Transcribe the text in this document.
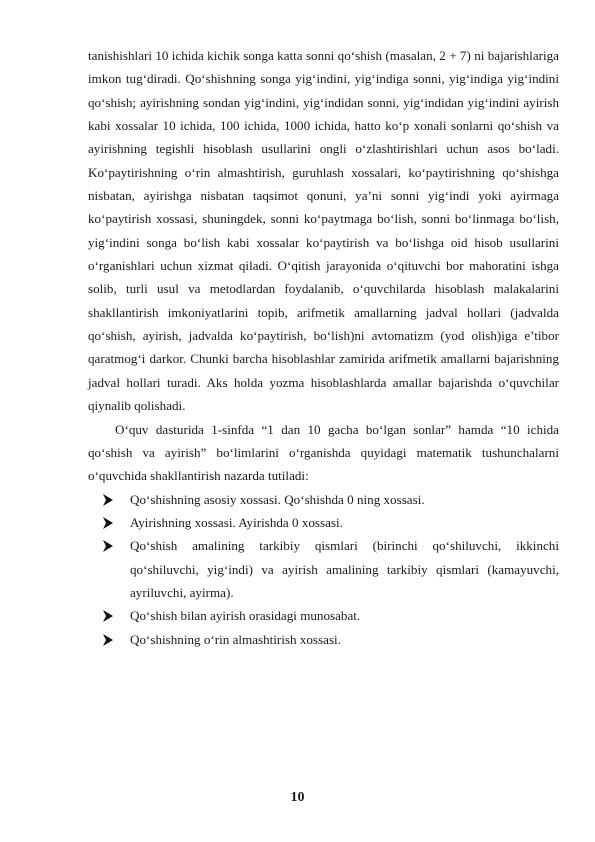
tanishishlari 10 ichida kichik songa katta sonni qo‘shish (masalan, 2 + 7) ni bajarishlariga imkon tug‘diradi. Qo‘shishning songa yig‘indini, yig‘indiga sonni, yig‘indiga yig‘indini qo‘shish; ayirishning sondan yig‘indini, yig‘indidan sonni, yig‘indidan yig‘indini ayirish kabi xossalar 10 ichida, 100 ichida, 1000 ichida, hatto ko‘p xonali sonlarni qo‘shish va ayirishning tegishli hisoblash usullarini ongli o‘zlashtirishlari uchun asos bo‘ladi. Ko‘paytirishning o‘rin almashtirish, guruhlash xossalari, ko‘paytirishning qo‘shishga nisbatan, ayirishga nisbatan taqsimot qonuni, ya’ni sonni yig‘indi yoki ayirmaga ko‘paytirish xossasi, shuningdek, sonni ko‘paytmaga bo‘lish, sonni bo‘linmaga bo‘lish, yig‘indini songa bo‘lish kabi xossalar ko‘paytirish va bo‘lishga oid hisob usullarini o‘rganishlari uchun xizmat qiladi. O‘qitish jarayonida o‘qituvchi bor mahoratini ishga solib, turli usul va metodlardan foydalanib, o‘quvchilarda hisoblash malakalarini shakllantirish imkoniyatlarini topib, arifmetik amallarning jadval hollari (jadvalda qo‘shish, ayirish, jadvalda ko‘paytirish, bo‘lish)ni avtomatizm (yod olish)iga e’tibor qaratmog‘i darkor. Chunki barcha hisoblashlar zamirida arifmetik amallarni bajarishning jadval hollari turadi. Aks holda yozma hisoblashlarda amallar bajarishda o‘quvchilar qiynalib qolishadi.

O‘quv dasturida 1-sinfda “1 dan 10 gacha bo‘lgan sonlar” hamda “10 ichida qo‘shish va ayirish” bo‘limlarini o‘rganishda quyidagi matematik tushunchalarni o‘quvchida shakllantirish nazarda tutiladi:

Qo‘shishning asosiy xossasi. Qo‘shishda 0 ning xossasi.
Ayirishning xossasi. Ayirishda 0 xossasi.
Qo‘shish amalining tarkibiy qismlari (birinchi qo‘shiluvchi, ikkinchi qo‘shiluvchi, yig‘indi) va ayirish amalining tarkibiy qismlari (kamayuvchi, ayriluvchi, ayirma).
Qo‘shish bilan ayirish orasidagi munosabat.
Qo‘shishning o‘rin almashtirish xossasi.
10
